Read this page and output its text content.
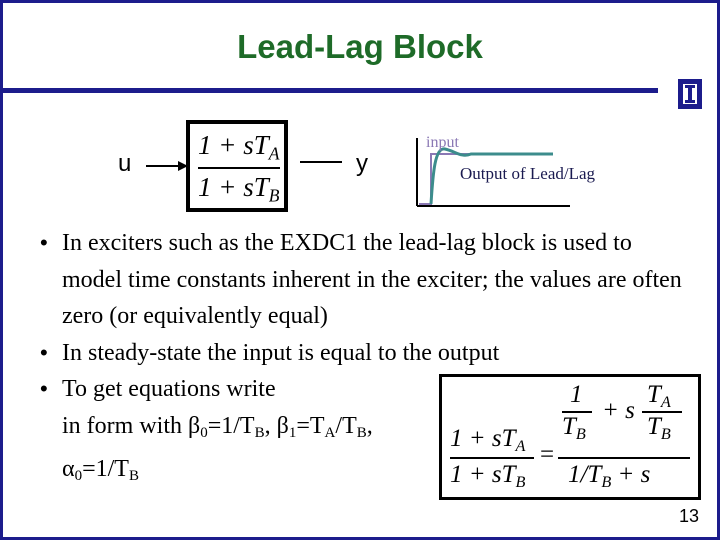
Lead-Lag Block
u
$1 + sT_A$
$1 + sT_B$
y
input
Output of Lead/Lag
• In exciters such as the EXDC1 the lead-lag block is used to model time constants inherent in the exciter; the values are often zero (or equivalently equal)
• In steady-state the input is equal to the output
• To get equations write
in form with β0=1/TB, β1=TA/TB,
α0=1/TB
$1 + sT_A$
$1 + sT_B$
=
1
$T_B$
+ s
$T_A$
$T_B$
$1/T_B + s$
13
